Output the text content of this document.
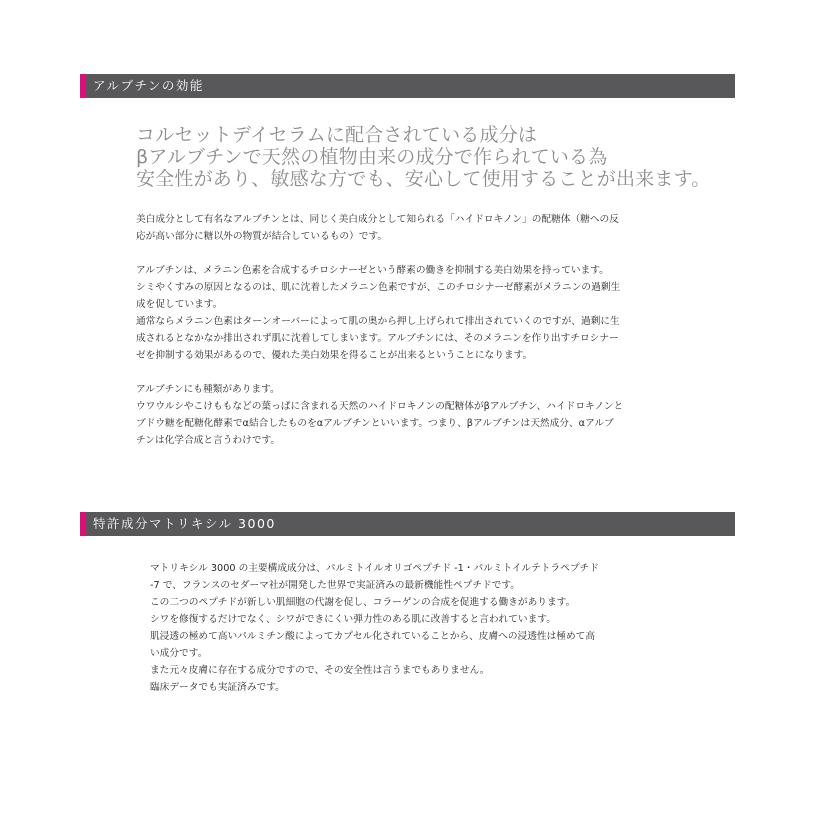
アルブチンの効能
コルセットデイセラムに配合されている成分は
βアルブチンで天然の植物由来の成分で作られている為
安全性があり、敏感な方でも、安心して使用することが出来ます。
美白成分として有名なアルブチンとは、同じく美白成分として知られる「ハイドロキノン」の配糖体（糖への反
応が高い部分に糖以外の物質が結合しているもの）です。
アルブチンは、メラニン色素を合成するチロシナーゼという酵素の働きを抑制する美白効果を持っています。
シミやくすみの原因となるのは、肌に沈着したメラニン色素ですが、このチロシナーゼ酵素がメラニンの過剰生
成を促しています。
通常ならメラニン色素はターンオーバーによって肌の奥から押し上げられて排出されていくのですが、過剰に生
成されるとなかなか排出されず肌に沈着してしまいます。アルブチンには、そのメラニンを作り出すチロシナー
ゼを抑制する効果があるので、優れた美白効果を得ることが出来るということになります。
アルブチンにも種類があります。
ウワウルシやこけももなどの葉っぱに含まれる天然のハイドロキノンの配糖体がβアルブチン、ハイドロキノンと
ブドウ糖を配糖化酵素でα結合したものをαアルブチンといいます。つまり、βアルブチンは天然成分、αアルブ
チンは化学合成と言うわけです。
特許成分マトリキシル 3000
マトリキシル 3000 の主要構成成分は、パルミトイルオリゴペプチド -1・パルミトイルテトラペプチド
-7 で、フランスのセダーマ社が開発した世界で実証済みの最新機能性ペプチドです。
この二つのペプチドが新しい肌細胞の代謝を促し、コラーゲンの合成を促進する働きがあります。
シワを修復するだけでなく、シワができにくい弾力性のある肌に改善すると言われています。
肌浸透の極めて高いパルミチン酸によってカプセル化されていることから、皮膚への浸透性は極めて高
い成分です。
また元々皮膚に存在する成分ですので、その安全性は言うまでもありません。
臨床データでも実証済みです。
